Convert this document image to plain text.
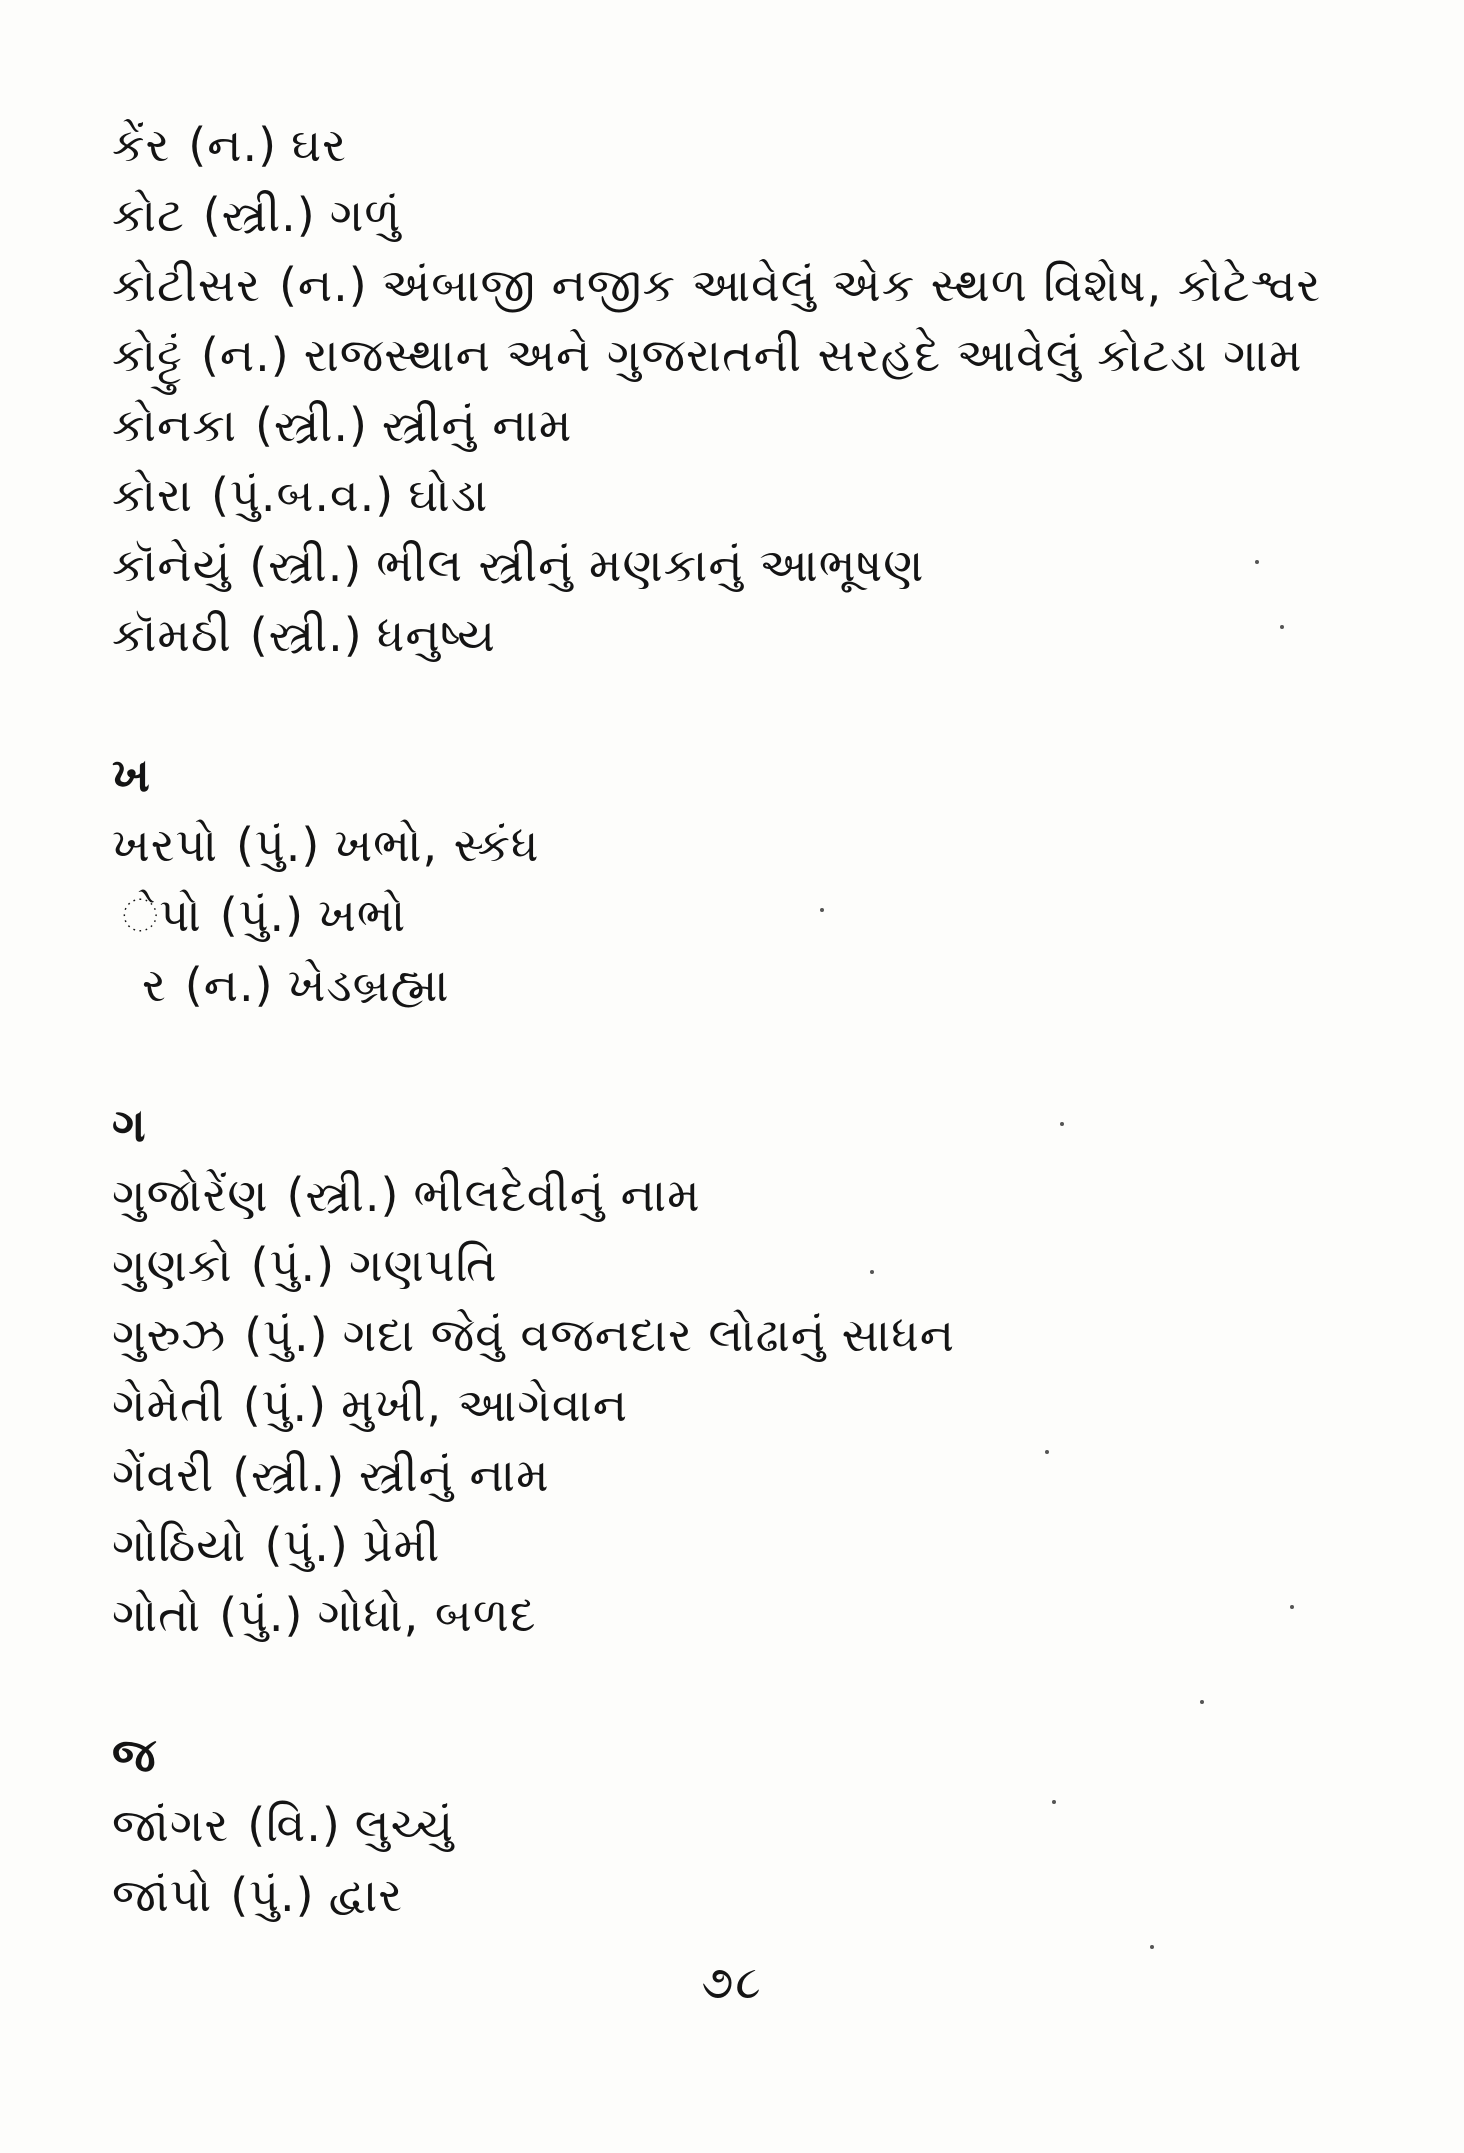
કેંર (ન.) ઘર
કોટ (સ્ત્રી.) ગળું
કોટીસર (ન.) અંબાજી નજીક આવેલું એક સ્થળ વિશેષ, કોટેશ્વર
કોટ્ટું (ન.) રાજસ્થાન અને ગુજરાતની સરહદે આવેલું કોટડા ગામ
કોનકા (સ્ત્રી.) સ્ત્રીનું નામ
કોરા (પું.બ.વ.) ઘોડા
કૉનેયું (સ્ત્રી.) ભીલ સ્ત્રીનું મણકાનું આભૂષણ
કૉમઠી (સ્ત્રી.) ધનુષ્ય
ખ
ખરપો (પું.) ખભો, સ્કંધ
ેપો (પું.) ખભો
ર (ન.) ખેડબ્રહ્મા
ગ
ગુજોરેંણ (સ્ત્રી.) ભીલદેવીનું નામ
ગુણકો (પું.) ગણપતિ
ગુરુઝ (પું.) ગદા જેવું વજનદાર લોઢાનું સાધન
ગેમેતી (પું.) મુખી, આગેવાન
ગેંવરી (સ્ત્રી.) સ્ત્રીનું નામ
ગોઠિયો (પું.) પ્રેમી
ગોતો (પું.) ગોધો, બળદ
જ
જાંગર (વિ.) લુચ્ચું
જાંપો (પું.) દ્વાર
૭૮
